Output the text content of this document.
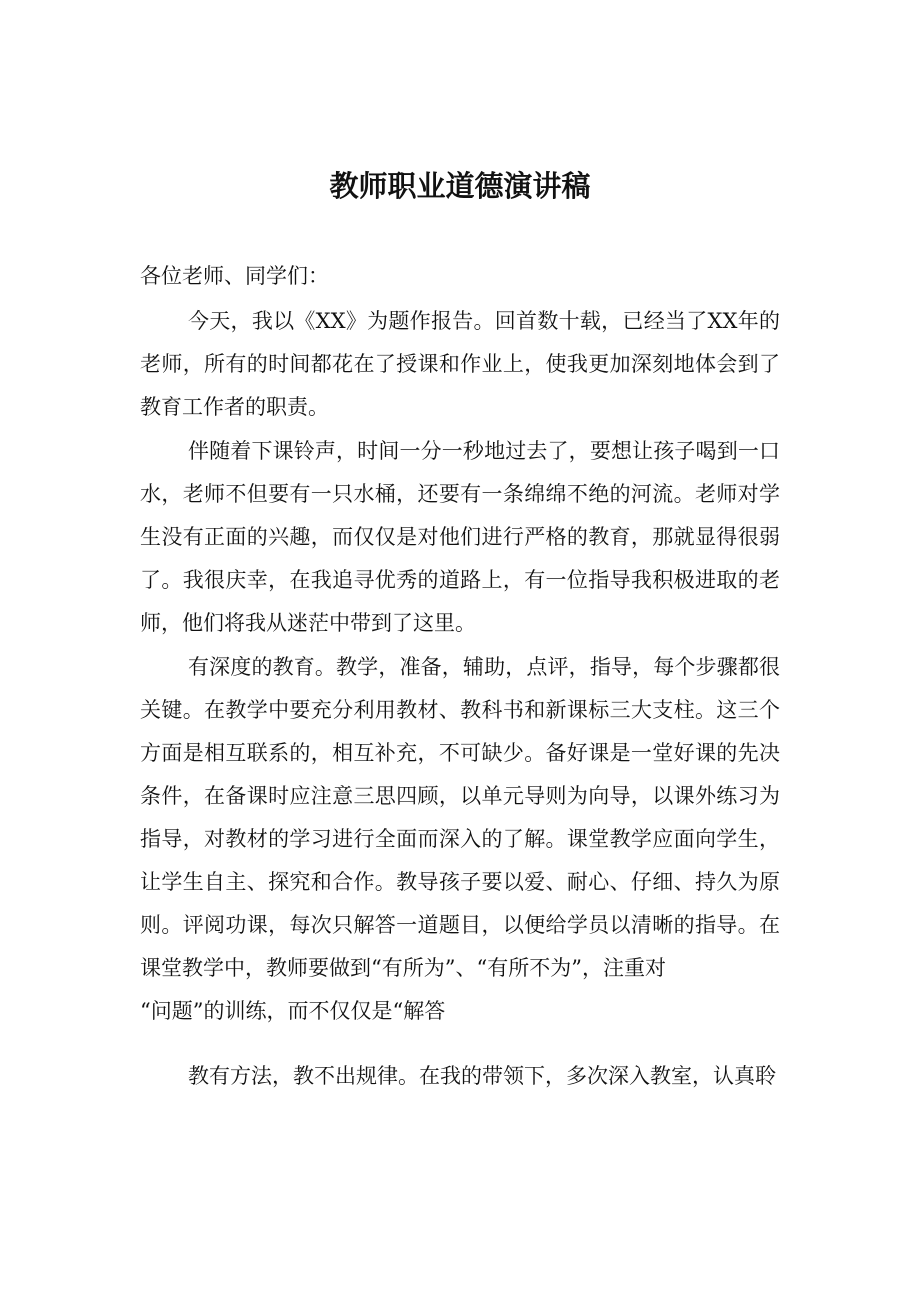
教师职业道德演讲稿
各位老师、同学们：
今天，我以《XX》为题作报告。回首数十载，已经当了XX年的
老师，所有的时间都花在了授课和作业上，使我更加深刻地体会到了
教育工作者的职责。
伴随着下课铃声，时间一分一秒地过去了，要想让孩子喝到一口
水，老师不但要有一只水桶，还要有一条绵绵不绝的河流。老师对学
生没有正面的兴趣，而仅仅是对他们进行严格的教育，那就显得很弱
了。我很庆幸，在我追寻优秀的道路上，有一位指导我积极进取的老
师，他们将我从迷茫中带到了这里。
有深度的教育。教学，准备，辅助，点评，指导，每个步骤都很
关键。在教学中要充分利用教材、教科书和新课标三大支柱。这三个
方面是相互联系的，相互补充，不可缺少。备好课是一堂好课的先决
条件，在备课时应注意三思四顾，以单元导则为向导，以课外练习为
指导，对教材的学习进行全面而深入的了解。课堂教学应面向学生，
让学生自主、探究和合作。教导孩子要以爱、耐心、仔细、持久为原
则。评阅功课，每次只解答一道题目，以便给学员以清晰的指导。在
课堂教学中，教师要做到“有所为”、“有所不为”，注重对
“问题”的训练，而不仅仅是“解答
教有方法，教不出规律。在我的带领下，多次深入教室，认真聆
